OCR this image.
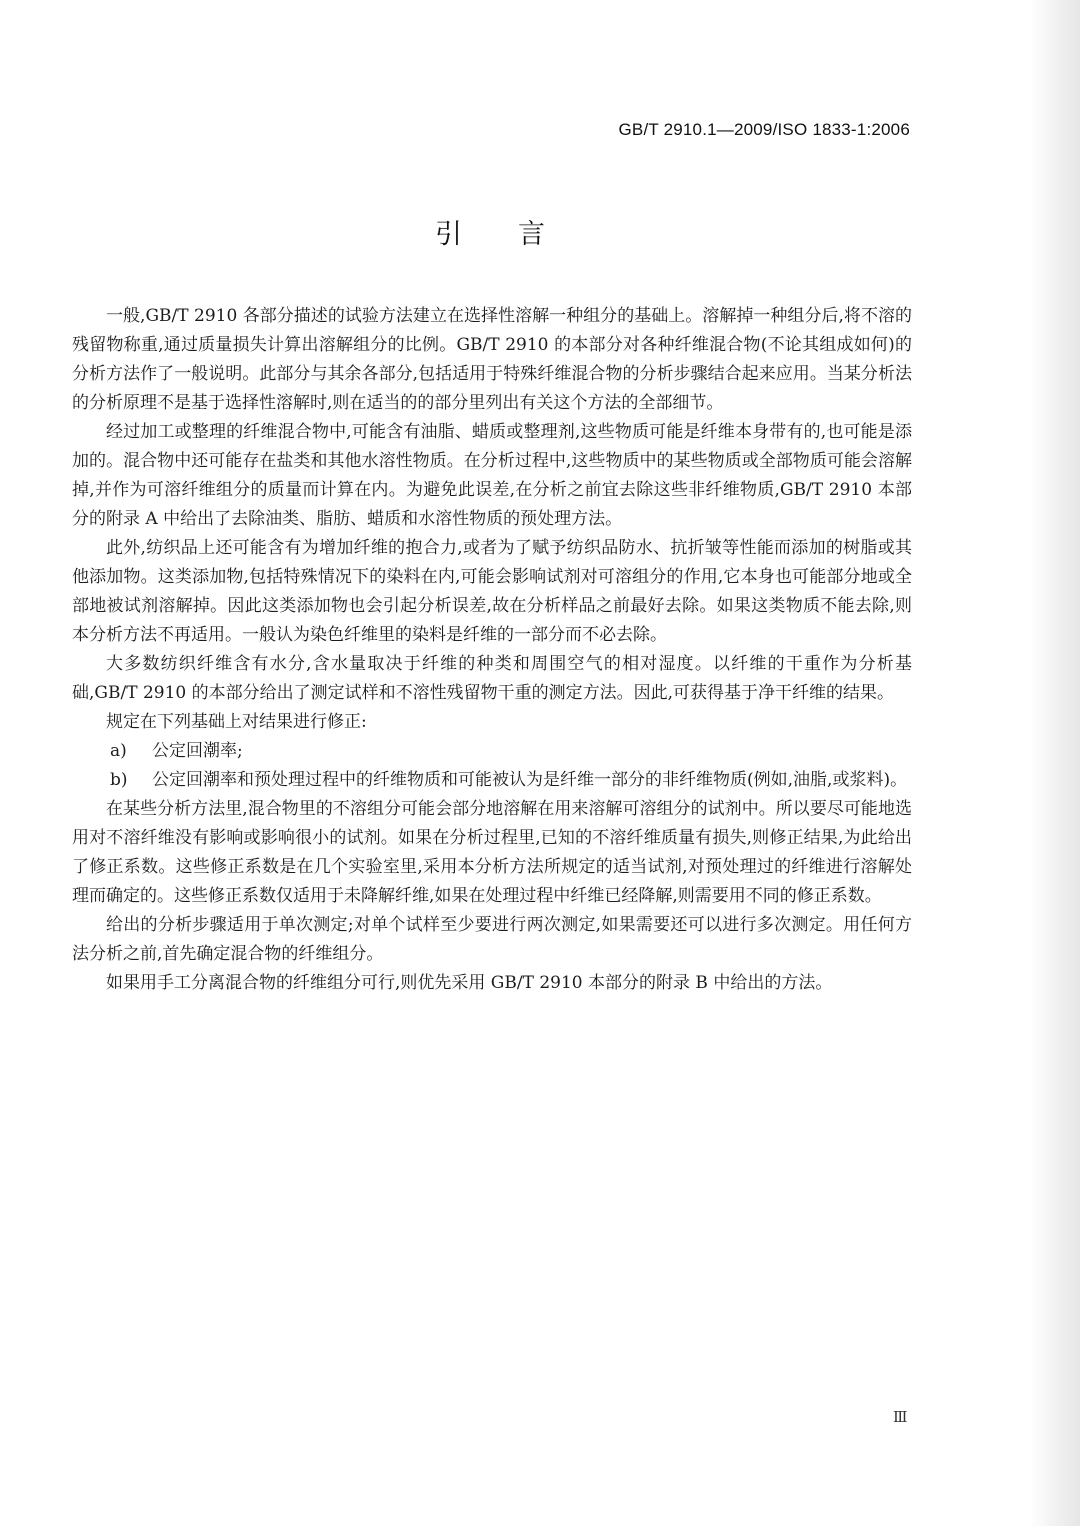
GB/T 2910.1—2009/ISO 1833-1:2006
引言

一般,GB/T 2910 各部分描述的试验方法建立在选择性溶解一种组分的基础上。溶解掉一种组分后,将不溶的残留物称重,通过质量损失计算出溶解组分的比例。GB/T 2910 的本部分对各种纤维混合物(不论其组成如何)的分析方法作了一般说明。此部分与其余各部分,包括适用于特殊纤维混合物的分析步骤结合起来应用。当某分析法的分析原理不是基于选择性溶解时,则在适当的的部分里列出有关这个方法的全部细节。

经过加工或整理的纤维混合物中,可能含有油脂、蜡质或整理剂,这些物质可能是纤维本身带有的,也可能是添加的。混合物中还可能存在盐类和其他水溶性物质。在分析过程中,这些物质中的某些物质或全部物质可能会溶解掉,并作为可溶纤维组分的质量而计算在内。为避免此误差,在分析之前宜去除这些非纤维物质,GB/T 2910 本部分的附录 A 中给出了去除油类、脂肪、蜡质和水溶性物质的预处理方法。

此外,纺织品上还可能含有为增加纤维的抱合力,或者为了赋予纺织品防水、抗折皱等性能而添加的树脂或其他添加物。这类添加物,包括特殊情况下的染料在内,可能会影响试剂对可溶组分的作用,它本身也可能部分地或全部地被试剂溶解掉。因此这类添加物也会引起分析误差,故在分析样品之前最好去除。如果这类物质不能去除,则本分析方法不再适用。一般认为染色纤维里的染料是纤维的一部分而不必去除。

大多数纺织纤维含有水分,含水量取决于纤维的种类和周围空气的相对湿度。以纤维的干重作为分析基础,GB/T 2910 的本部分给出了测定试样和不溶性残留物干重的测定方法。因此,可获得基于净干纤维的结果。

规定在下列基础上对结果进行修正:

a) 公定回潮率;

b) 公定回潮率和预处理过程中的纤维物质和可能被认为是纤维一部分的非纤维物质(例如,油脂,或浆料)。

在某些分析方法里,混合物里的不溶组分可能会部分地溶解在用来溶解可溶组分的试剂中。所以要尽可能地选用对不溶纤维没有影响或影响很小的试剂。如果在分析过程里,已知的不溶纤维质量有损失,则修正结果,为此给出了修正系数。这些修正系数是在几个实验室里,采用本分析方法所规定的适当试剂,对预处理过的纤维进行溶解处理而确定的。这些修正系数仅适用于未降解纤维,如果在处理过程中纤维已经降解,则需要用不同的修正系数。

给出的分析步骤适用于单次测定;对单个试样至少要进行两次测定,如果需要还可以进行多次测定。用任何方法分析之前,首先确定混合物的纤维组分。

如果用手工分离混合物的纤维组分可行,则优先采用 GB/T 2910 本部分的附录 B 中给出的方法。

Ⅲ
